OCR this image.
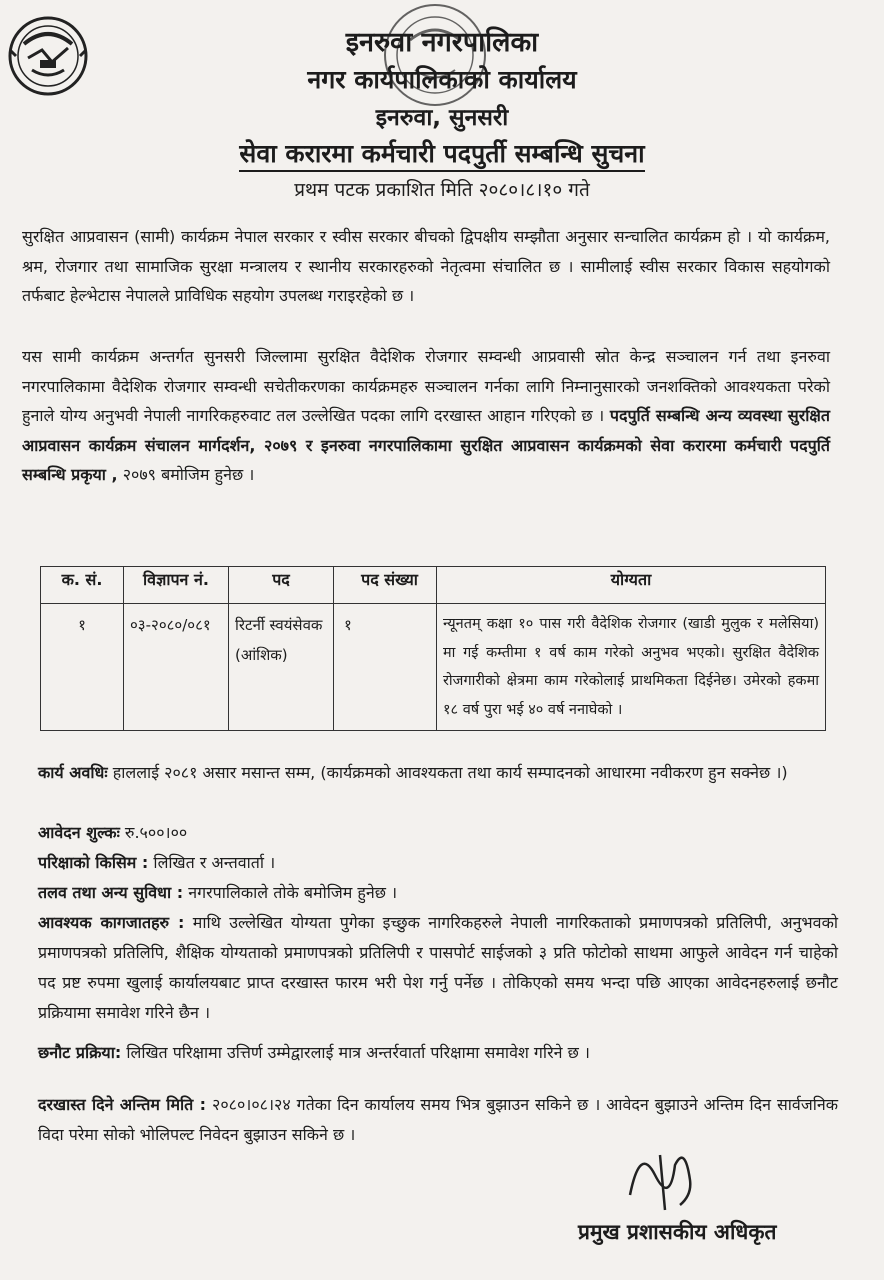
इनरुवा नगरपालिका
नगर कार्यपालिकाको कार्यालय
इनरुवा, सुनसरी
सेवा करारमा कर्मचारी पदपुर्ती सम्बन्धि सुचना
प्रथम पटक प्रकाशित मिति २०८०।८।१० गते
सुरक्षित आप्रवासन (सामी) कार्यक्रम नेपाल सरकार र स्वीस सरकार बीचको द्विपक्षीय सम्झौता अनुसार सन्चालित कार्यक्रम हो । यो कार्यक्रम, श्रम, रोजगार तथा सामाजिक सुरक्षा मन्त्रालय र स्थानीय सरकारहरुको नेतृत्वमा संचालित छ । सामीलाई स्वीस सरकार विकास सहयोगको तर्फबाट हेल्भेटास नेपालले प्राविधिक सहयोग उपलब्ध गराइरहेको छ ।
यस सामी कार्यक्रम अन्तर्गत सुनसरी जिल्लामा सुरक्षित वैदेशिक रोजगार सम्वन्धी आप्रवासी स्रोत केन्द्र सञ्चालन गर्न तथा इनरुवा नगरपालिकामा वैदेशिक रोजगार सम्वन्धी सचेतीकरणका कार्यक्रमहरु सञ्चालन गर्नका लागि निम्नानुसारको जनशक्तिको आवश्यकता परेको हुनाले योग्य अनुभवी नेपाली नागरिकहरुवाट तल उल्लेखित पदका लागि दरखास्त आहान गरिएको छ । पदपुर्ति सम्बन्धि अन्य व्यवस्था सुरक्षित आप्रवासन कार्यक्रम संचालन मार्गदर्शन, २०७९ र इनरुवा नगरपालिकामा सुरक्षित आप्रवासन कार्यक्रमको सेवा करारमा कर्मचारी पदपुर्ति सम्बन्धि प्रकृया , २०७९ बमोजिम हुनेछ ।
क. सं.	विज्ञापन नं.	पद	पद संख्या	योग्यता
१	०३-२०८०/०८१	रिटर्नी स्वयंसेवक (आंशिक)	१	न्यूनतम् कक्षा १० पास गरी वैदेशिक रोजगार (खाडी मुलुक र मलेसिया) मा गई कम्तीमा १ वर्ष काम गरेको अनुभव भएको। सुरक्षित वैदेशिक रोजगारीको क्षेत्रमा काम गरेकोलाई प्राथमिकता दिईनेछ। उमेरको हकमा १८ वर्ष पुरा भई ४० वर्ष ननाघेको ।
कार्य अवधिः हाललाई २०८१ असार मसान्त सम्म, (कार्यक्रमको आवश्यकता तथा कार्य सम्पादनको आधारमा नवीकरण हुन सक्नेछ ।)
आवेदन शुल्कः रु.५००।००
परिक्षाको किसिम : लिखित र अन्तवार्ता ।
तलव तथा अन्य सुविधा : नगरपालिकाले तोके बमोजिम हुनेछ ।
आवश्यक कागजातहरु : माथि उल्लेखित योग्यता पुगेका इच्छुक नागरिकहरुले नेपाली नागरिकताको प्रमाणपत्रको प्रतिलिपी, अनुभवको प्रमाणपत्रको प्रतिलिपि, शैक्षिक योग्यताको प्रमाणपत्रको प्रतिलिपी र पासपोर्ट साईजको ३ प्रति फोटोको साथमा आफुले आवेदन गर्न चाहेको पद प्रष्ट रुपमा खुलाई कार्यालयबाट प्राप्त दरखास्त फारम भरी पेश गर्नु पर्नेछ । तोकिएको समय भन्दा पछि आएका आवेदनहरुलाई छनौट प्रक्रियामा समावेश गरिने छैन ।
छनौट प्रक्रिया: लिखित परिक्षामा उत्तिर्ण उम्मेद्वारलाई मात्र अन्तर्रवार्ता परिक्षामा समावेश गरिने छ ।
दरखास्त दिने अन्तिम मिति : २०८०।०८।२४ गतेका दिन कार्यालय समय भित्र बुझाउन सकिने छ । आवेदन बुझाउने अन्तिम दिन सार्वजनिक विदा परेमा सोको भोलिपल्ट निवेदन बुझाउन सकिने छ ।
प्रमुख प्रशासकीय अधिकृत
